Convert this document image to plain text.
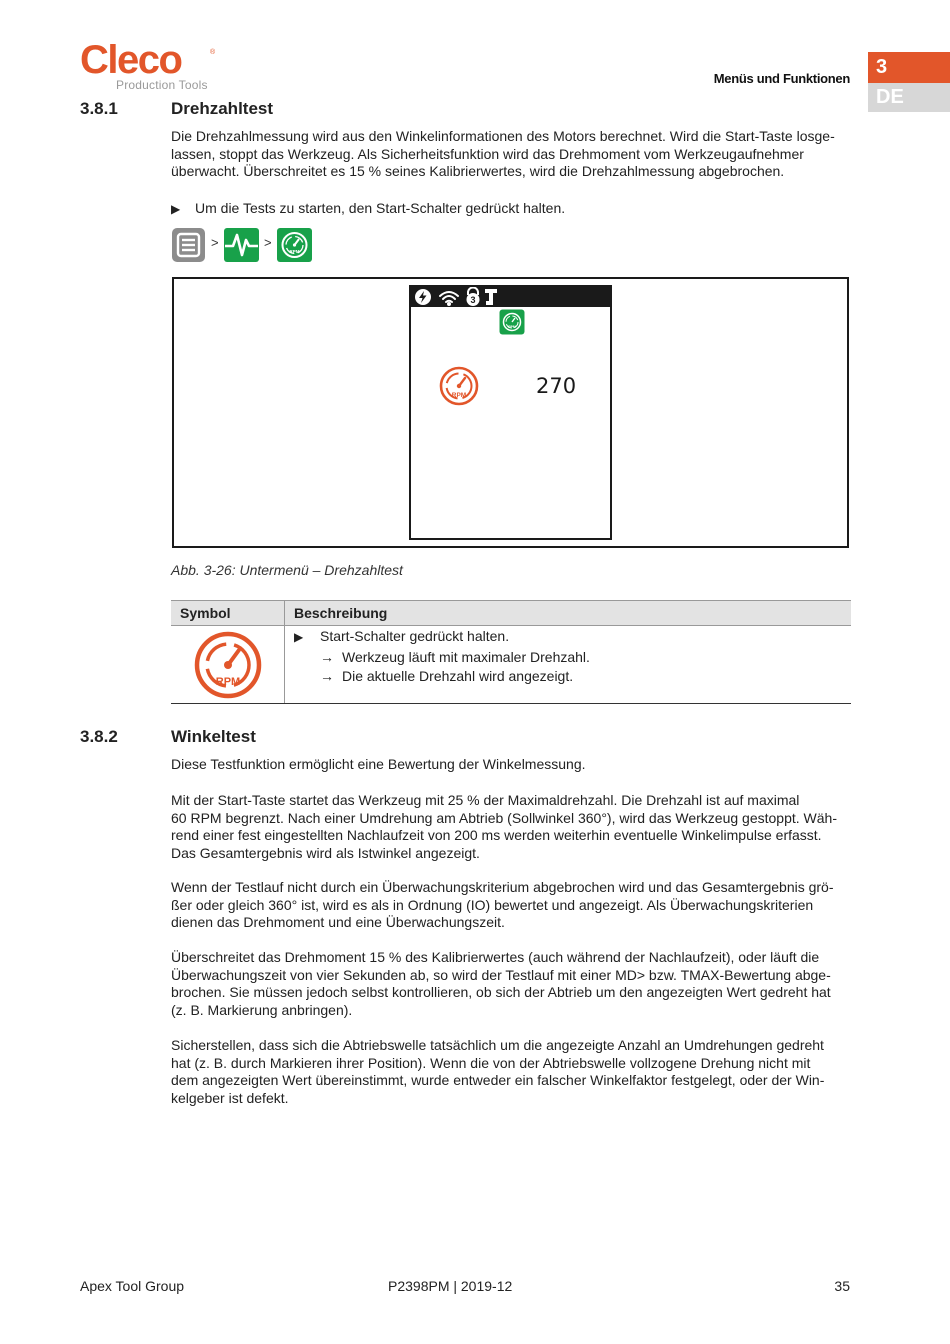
Cleco	®
Production Tools	Menüs und Funktionen
3
DE
3.8.1	Drehzahltest
Die Drehzahlmessung wird aus den Winkelinformationen des Motors berechnet. Wird die Start-Taste losge-
lassen, stoppt das Werkzeug. Als Sicherheitsfunktion wird das Drehmoment vom Werkzeugaufnehmer
überwacht. Überschreitet es 15 % seines Kalibrierwertes, wird die Drehzahlmessung abgebrochen.
▶ Um die Tests zu starten, den Start-Schalter gedrückt halten.
>	>
RPM
3
RPM
RPM	270
Abb. 3-26: Untermenü – Drehzahltest
Symbol	Beschreibung

RPM	▶ Start-Schalter gedrückt halten.
→ Werkzeug läuft mit maximaler Drehzahl.
→ Die aktuelle Drehzahl wird angezeigt.
3.8.2	Winkeltest
Diese Testfunktion ermöglicht eine Bewertung der Winkelmessung.
Mit der Start-Taste startet das Werkzeug mit 25 % der Maximaldrehzahl. Die Drehzahl ist auf maximal
60 RPM begrenzt. Nach einer Umdrehung am Abtrieb (Sollwinkel 360°), wird das Werkzeug gestoppt. Wäh-
rend einer fest eingestellten Nachlaufzeit von 200 ms werden weiterhin eventuelle Winkelimpulse erfasst.
Das Gesamtergebnis wird als Istwinkel angezeigt.
Wenn der Testlauf nicht durch ein Überwachungskriterium abgebrochen wird und das Gesamtergebnis grö-
ßer oder gleich 360° ist, wird es als in Ordnung (IO) bewertet und angezeigt. Als Überwachungskriterien
dienen das Drehmoment und eine Überwachungszeit.
Überschreitet das Drehmoment 15 % des Kalibrierwertes (auch während der Nachlaufzeit), oder läuft die
Überwachungszeit von vier Sekunden ab, so wird der Testlauf mit einer MD> bzw. TMAX-Bewertung abge-
brochen. Sie müssen jedoch selbst kontrollieren, ob sich der Abtrieb um den angezeigten Wert gedreht hat
(z. B. Markierung anbringen).
Sicherstellen, dass sich die Abtriebswelle tatsächlich um die angezeigte Anzahl an Umdrehungen gedreht
hat (z. B. durch Markieren ihrer Position). Wenn die von der Abtriebswelle vollzogene Drehung nicht mit
dem angezeigten Wert übereinstimmt, wurde entweder ein falscher Winkelfaktor festgelegt, oder der Win-
kelgeber ist defekt.
Apex Tool Group	P2398PM | 2019-12	35
